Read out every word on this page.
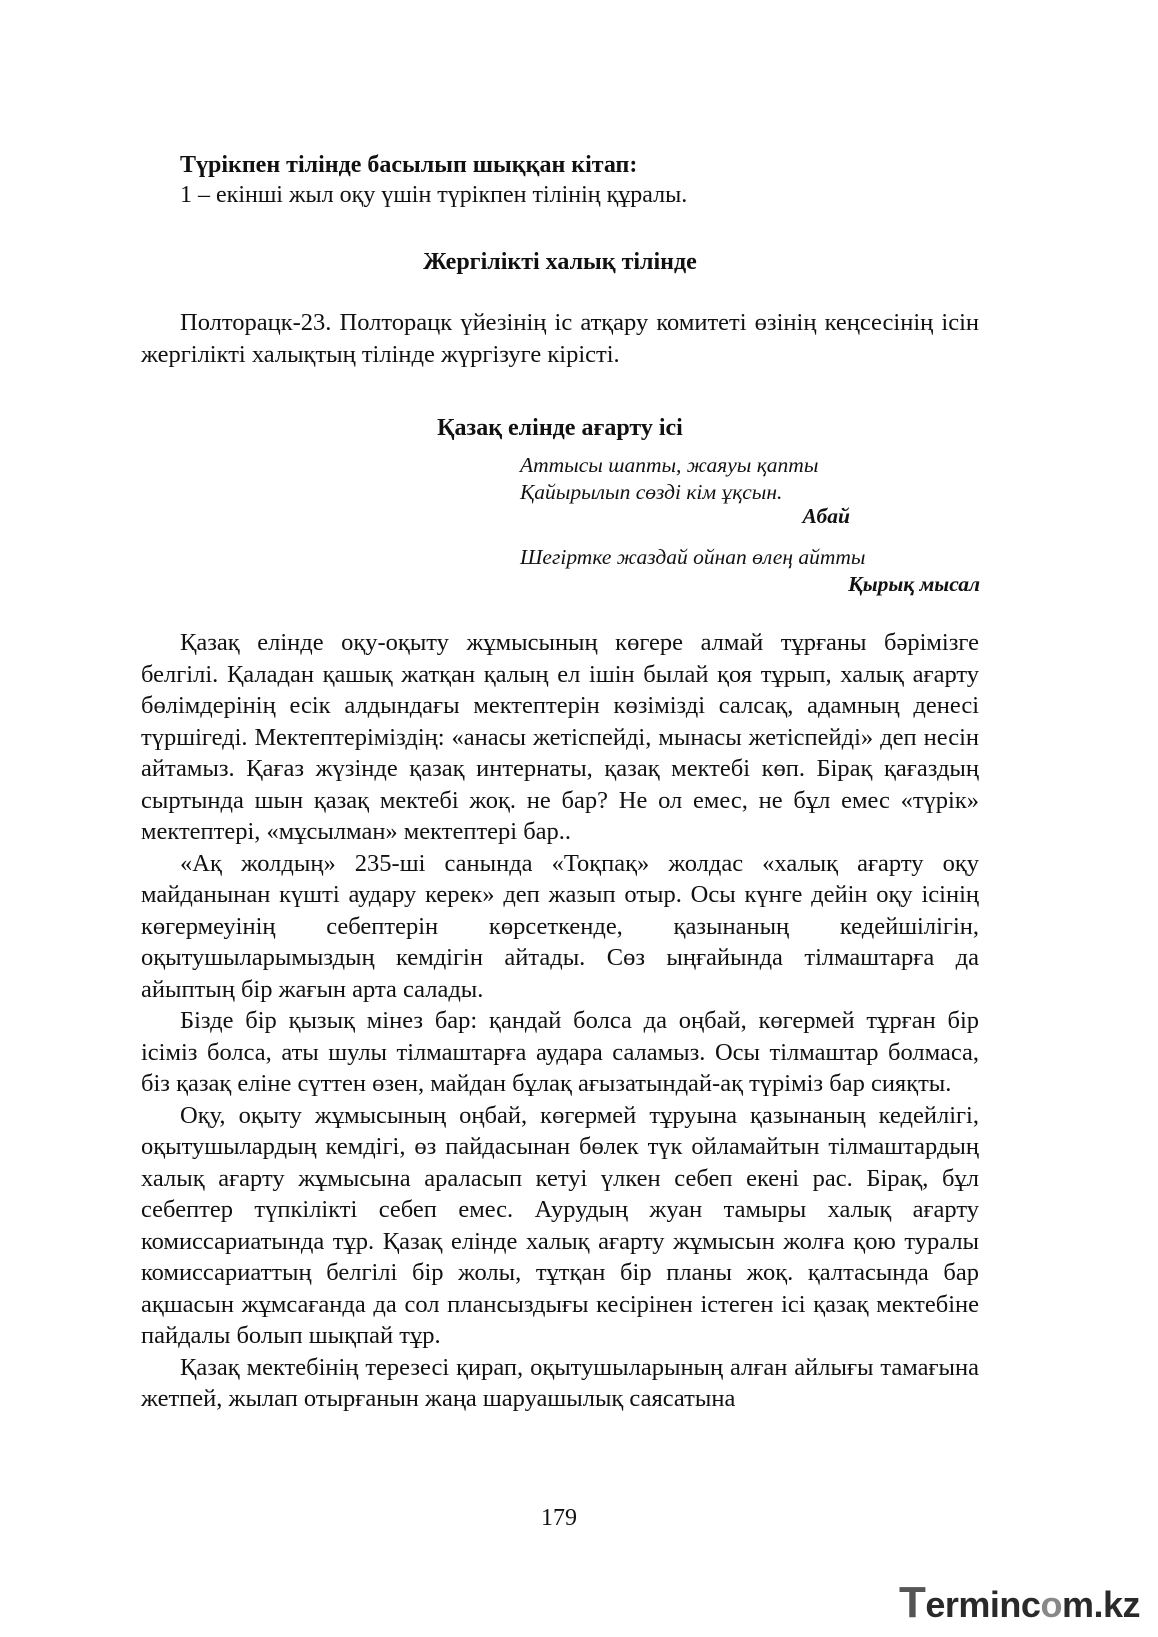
Түрікпен тілінде басылып шыққан кітап:
1 – екінші жыл оқу үшін түрікпен тілінің құралы.
Жергілікті халық тілінде

Полторацк-23. Полторацк үйезінің іс атқару комитеті өзінің кеңсесінің ісін жергілікті халықтың тілінде жүргізуге кірісті.

Қазақ елінде ағарту ісі
Аттысы шапты, жаяуы қапты
Қайырылып сөзді кім ұқсын.
Абай
Шегіртке жаздай ойнап өлең айтты
Қырық мысал

Қазақ елінде оқу-оқыту жұмысының көгере алмай тұрғаны бәрімізге белгілі. Қаладан қашық жатқан қалың ел ішін былай қоя тұрып, халық ағарту бөлімдерінің есік алдындағы мектептерін көзімізді салсақ, адамның денесі түршігеді. Мектептеріміздің: «анасы жетіспейді, мынасы жетіспейді» деп несін айтамыз. Қағаз жүзінде қазақ интернаты, қазақ мектебі көп. Бірақ қағаздың сыртында шын қазақ мектебі жоқ. не бар? Не ол емес, не бұл емес «түрік» мектептері, «мұсылман» мектептері бар..

«Ақ жолдың» 235-ші санында «Тоқпақ» жолдас «халық ағарту оқу майданынан күшті аудару керек» деп жазып отыр. Осы күнге дейін оқу ісінің көгермеуінің себептерін көрсеткенде, қазынаның кедейшілігін, оқытушыларымыздың кемдігін айтады. Сөз ыңғайында тілмаштарға да айыптың бір жағын арта салады.

Бізде бір қызық мінез бар: қандай болса да оңбай, көгермей тұрған бір ісіміз болса, аты шулы тілмаштарға аудара саламыз. Осы тілмаштар болмаса, біз қазақ еліне сүттен өзен, майдан бұлақ ағызатындай-ақ түріміз бар сияқты.

Оқу, оқыту жұмысының оңбай, көгермей тұруына қазынаның кедейлігі, оқытушылардың кемдігі, өз пайдасынан бөлек түк ойламайтын тілмаштардың халық ағарту жұмысына араласып кетуі үлкен себеп екені рас. Бірақ, бұл себептер түпкілікті себеп емес. Аурудың жуан тамыры халық ағарту комиссариатында тұр. Қазақ елінде халық ағарту жұмысын жолға қою туралы комиссариаттың белгілі бір жолы, тұтқан бір планы жоқ. қалтасында бар ақшасын жұмсағанда да сол плансыздығы кесірінен істеген ісі қазақ мектебіне пайдалы болып шықпай тұр.

Қазақ мектебінің терезесі қирап, оқытушыларының алған айлығы тамағына жетпей, жылап отырғанын жаңа шаруашылық саясатына

179
Termincom.kz
